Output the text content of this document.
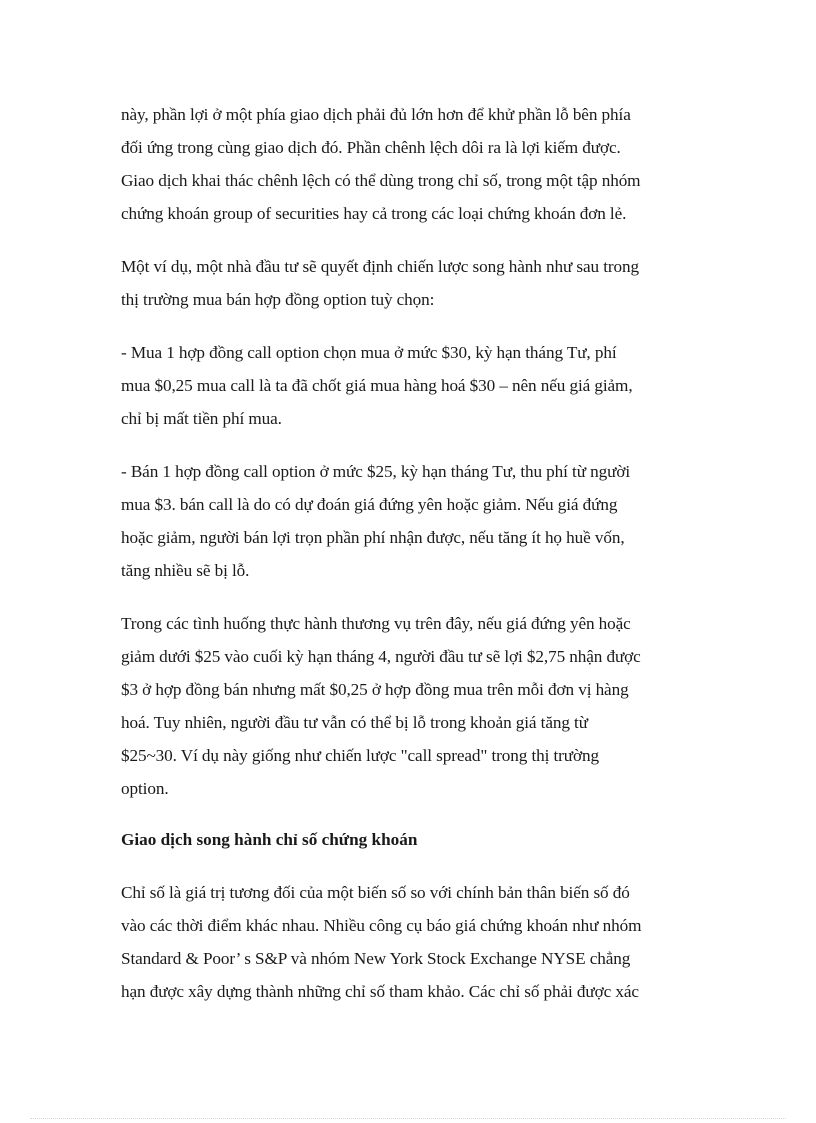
này, phần lợi ở một phía giao dịch phải đủ lớn hơn để khử phần lỗ bên phía
đối ứng trong cùng giao dịch đó. Phần chênh lệch dôi ra là lợi kiếm được.
Giao dịch khai thác chênh lệch có thể dùng trong chỉ số, trong một tập nhóm
chứng khoán group of securities hay cả trong các loại chứng khoán đơn lẻ.

Một ví dụ, một nhà đầu tư sẽ quyết định chiến lược song hành như sau trong
thị trường mua bán hợp đồng option tuỳ chọn:

- Mua 1 hợp đồng call option chọn mua ở mức $30, kỳ hạn tháng Tư, phí
mua $0,25 mua call là ta đã chốt giá mua hàng hoá $30 – nên nếu giá giảm,
chỉ bị mất tiền phí mua.

- Bán 1 hợp đồng call option ở mức $25, kỳ hạn tháng Tư, thu phí từ người
mua $3. bán call là do có dự đoán giá đứng yên hoặc giảm. Nếu giá đứng
hoặc giảm, người bán lợi trọn phần phí nhận được, nếu tăng ít họ huề vốn,
tăng nhiều sẽ bị lỗ.

Trong các tình huống thực hành thương vụ trên đây, nếu giá đứng yên hoặc
giảm dưới $25 vào cuối kỳ hạn tháng 4, người đầu tư sẽ lợi $2,75 nhận được
$3 ở hợp đồng bán nhưng mất $0,25 ở hợp đồng mua trên mỗi đơn vị hàng
hoá. Tuy nhiên, người đầu tư vẫn có thể bị lỗ trong khoản giá tăng từ
$25~30. Ví dụ này giống như chiến lược "call spread" trong thị trường
option.

Giao dịch song hành chỉ số chứng khoán

Chỉ số là giá trị tương đối của một biến số so với chính bản thân biến số đó
vào các thời điểm khác nhau. Nhiều công cụ báo giá chứng khoán như nhóm
Standard & Poor’ s S&P và nhóm New York Stock Exchange NYSE chẳng
hạn được xây dựng thành những chỉ số tham khảo. Các chỉ số phải được xác
